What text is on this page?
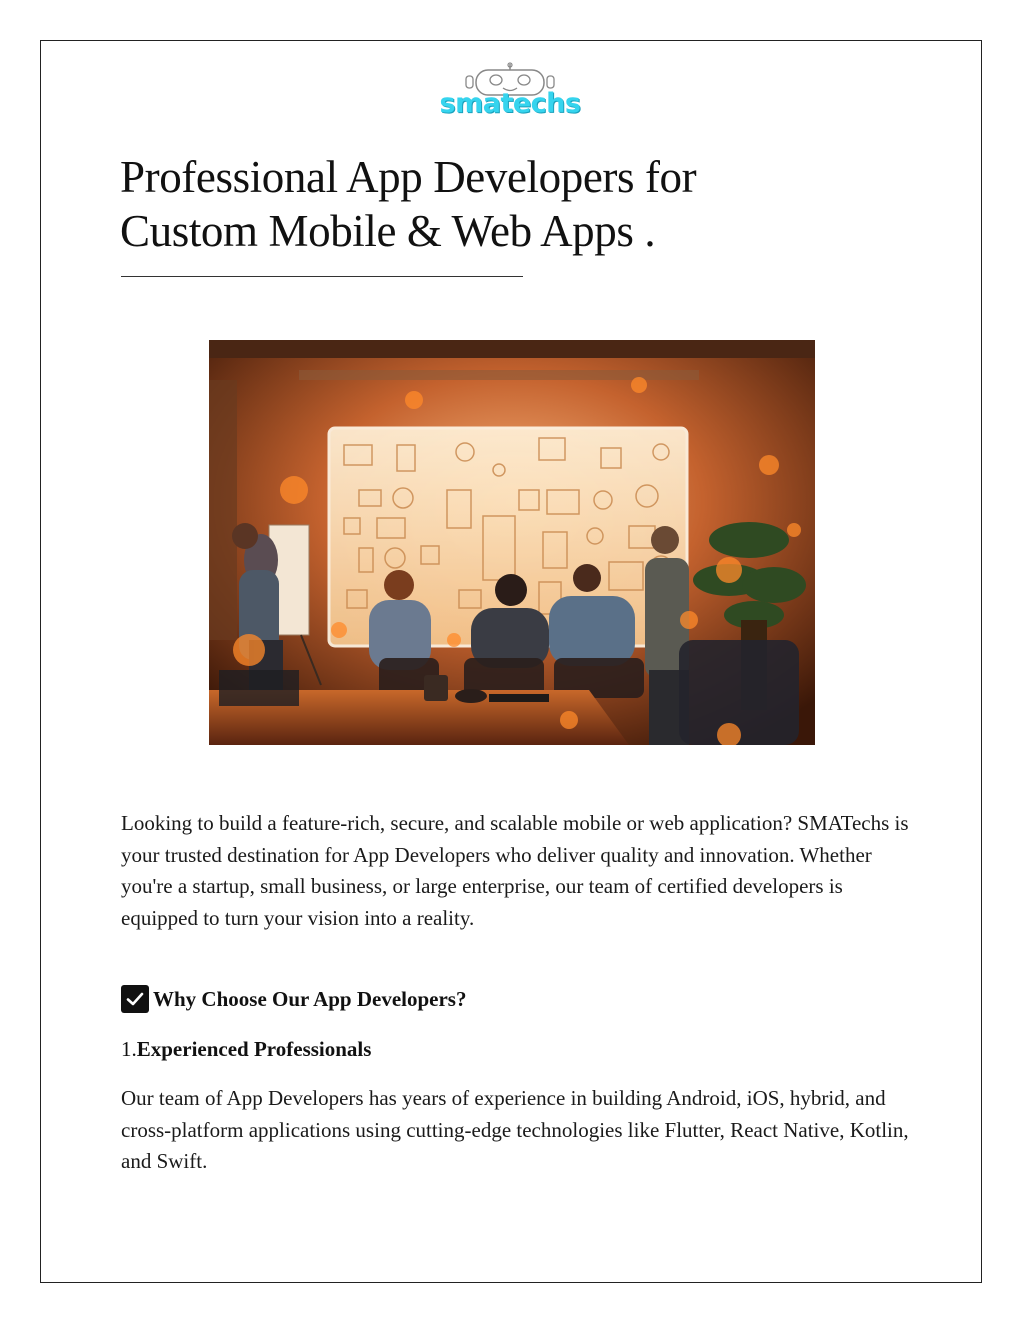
smatechs
Professional App Developers for
Custom Mobile & Web Apps .

Looking to build a feature-rich, secure, and scalable mobile or web application? SMATechs is your trusted destination for App Developers who deliver quality and innovation. Whether you're a startup, small business, or large enterprise, our team of certified developers is equipped to turn your vision into a reality.

Why Choose Our App Developers?
1.Experienced Professionals

Our team of App Developers has years of experience in building Android, iOS, hybrid, and cross-platform applications using cutting-edge technologies like Flutter, React Native, Kotlin, and Swift.
